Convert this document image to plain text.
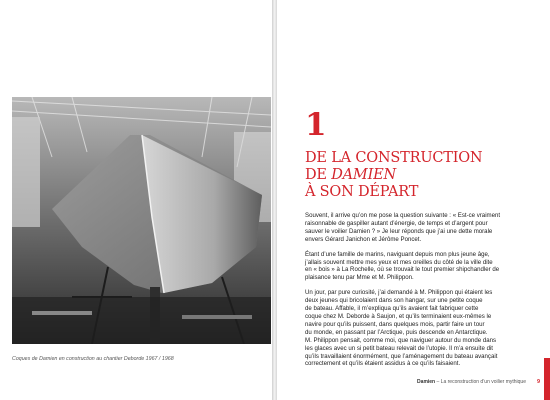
Coques de Damien en construction au chantier Deborde 1967 / 1968
1
DE LA CONSTRUCTION
DE DAMIEN
À SON DÉPART

Souvent, il arrive qu’on me pose la question suivante : « Est-ce vraiment
raisonnable de gaspiller autant d’énergie, de temps et d’argent pour
sauver le voilier Damien ? » Je leur réponds que j’ai une dette morale
envers Gérard Janichon et Jérôme Poncet.

Étant d’une famille de marins, naviguant depuis mon plus jeune âge,
j’allais souvent mettre mes yeux et mes oreilles du côté de la ville dite
en « bois » à La Rochelle, où se trouvait le tout premier shipchandler de
plaisance tenu par Mme et M. Philippon.

Un jour, par pure curiosité, j’ai demandé à M. Philippon qui étaient les
deux jeunes qui bricolaient dans son hangar, sur une petite coque
de bateau. Affable, il m’expliqua qu’ils avaient fait fabriquer cette
coque chez M. Deborde à Saujon, et qu’ils terminaient eux-mêmes le
navire pour qu’ils puissent, dans quelques mois, partir faire un tour
du monde, en passant par l’Arctique, puis descende en Antarctique.
M. Philippon pensait, comme moi, que naviguer autour du monde dans
les glaces avec un si petit bateau relevait de l’utopie. Il m’a ensuite dit
qu’ils travaillaient énormément, que l’aménagement du bateau avançait
correctement et qu’ils étaient assidus à ce qu’ils faisaient.

Damien – La reconstruction d’un voilier mythique 9
